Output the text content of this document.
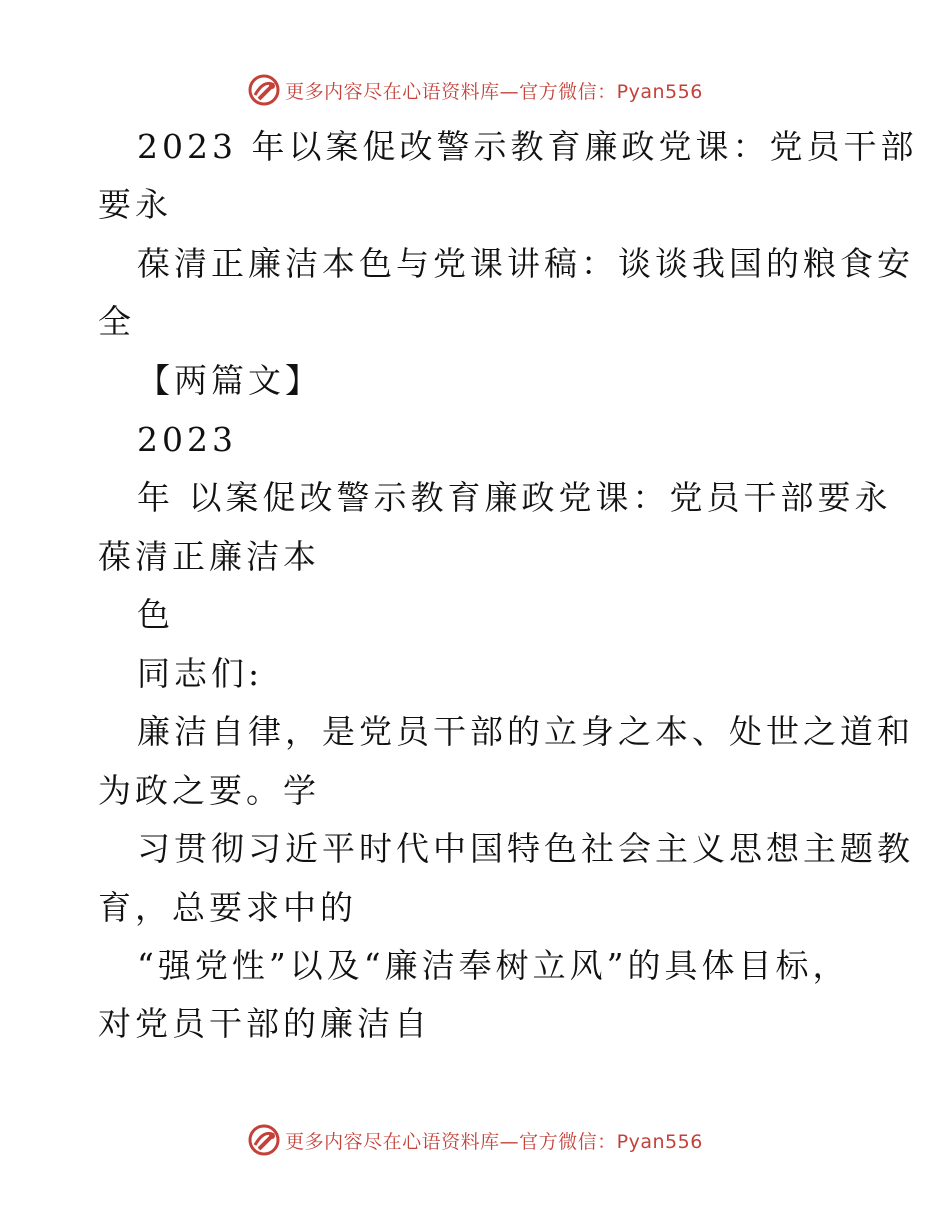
更多内容尽在心语资料库—官方微信：Pyan556
2023 年以案促改警示教育廉政党课：党员干部
要永
葆清正廉洁本色与党课讲稿：谈谈我国的粮食安
全
【两篇文】
2023
年 以案促改警示教育廉政党课：党员干部要永
葆清正廉洁本
色
同志们:
廉洁自律，是党员干部的立身之本、处世之道和
为政之要。学
习贯彻习近平时代中国特色社会主义思想主题教
育，总要求中的
“强党性”以及“廉洁奉树立风”的具体目标，
对党员干部的廉洁自
更多内容尽在心语资料库—官方微信：Pyan556
